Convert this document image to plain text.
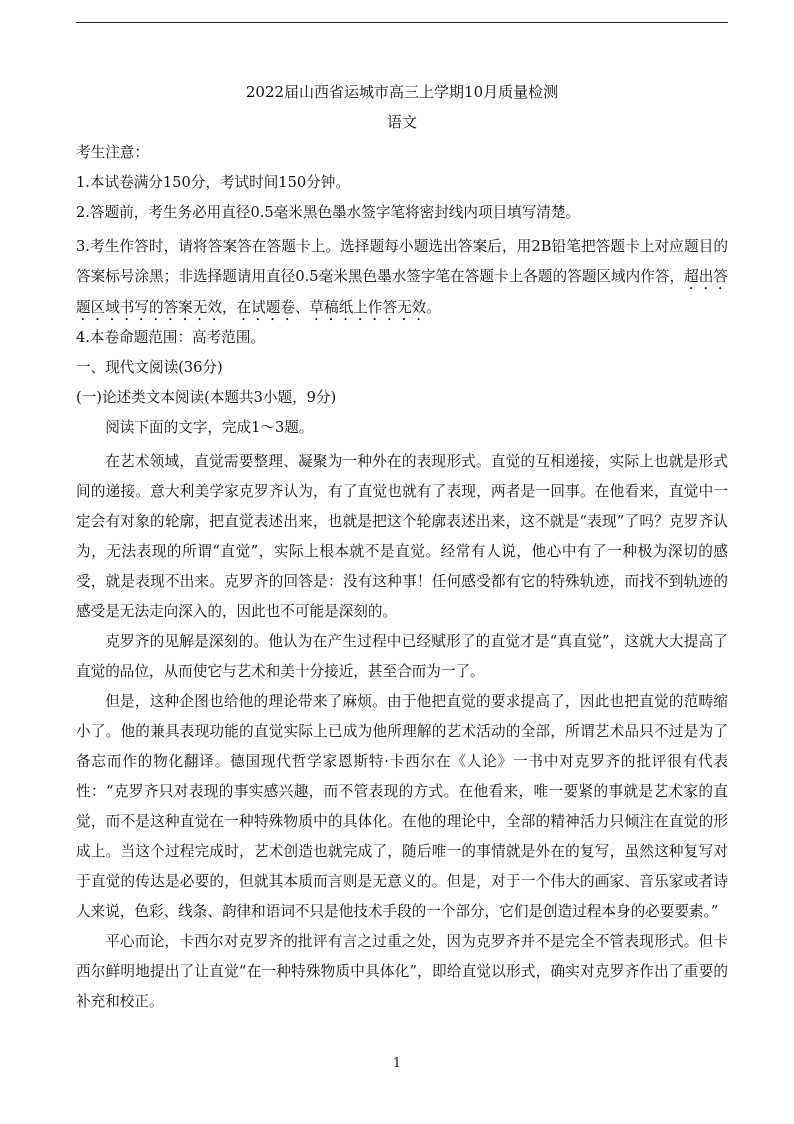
2022届山西省运城市高三上学期10月质量检测

语文

考生注意：

1.本试卷满分150分，考试时间150分钟。

2.答题前，考生务必用直径0.5毫米黑色墨水签字笔将密封线内项目填写清楚。

3.考生作答时，请将答案答在答题卡上。选择题每小题选出答案后，用2B铅笔把答题卡上对应题目的答案标号涂黑；非选择题请用直径0.5毫米黑色墨水签字笔在答题卡上各题的答题区域内作答，超出答题区域书写的答案无效，在试题卷、草稿纸上作答无效。

4.本卷命题范围：高考范围。

一、现代文阅读(36分)

(一)论述类文本阅读(本题共3小题，9分)

阅读下面的文字，完成1～3题。

在艺术领域，直觉需要整理、凝聚为一种外在的表现形式。直觉的互相递接，实际上也就是形式间的递接。意大利美学家克罗齐认为，有了直觉也就有了表现，两者是一回事。在他看来，直觉中一定会有对象的轮廓，把直觉表述出来，也就是把这个轮廓表述出来，这不就是“表现”了吗？克罗齐认为，无法表现的所谓“直觉”，实际上根本就不是直觉。经常有人说，他心中有了一种极为深切的感受，就是表现不出来。克罗齐的回答是：没有这种事！任何感受都有它的特殊轨迹，而找不到轨迹的感受是无法走向深入的，因此也不可能是深刻的。

克罗齐的见解是深刻的。他认为在产生过程中已经赋形了的直觉才是“真直觉”，这就大大提高了直觉的品位，从而使它与艺术和美十分接近，甚至合而为一了。

但是，这种企图也给他的理论带来了麻烦。由于他把直觉的要求提高了，因此也把直觉的范畴缩小了。他的兼具表现功能的直觉实际上已成为他所理解的艺术活动的全部，所谓艺术品只不过是为了备忘而作的物化翻译。德国现代哲学家恩斯特·卡西尔在《人论》一书中对克罗齐的批评很有代表性：“克罗齐只对表现的事实感兴趣，而不管表现的方式。在他看来，唯一要紧的事就是艺术家的直觉，而不是这种直觉在一种特殊物质中的具体化。在他的理论中，全部的精神活力只倾注在直觉的形成上。当这个过程完成时，艺术创造也就完成了，随后唯一的事情就是外在的复写，虽然这种复写对于直觉的传达是必要的，但就其本质而言则是无意义的。但是，对于一个伟大的画家、音乐家或者诗人来说，色彩、线条、韵律和语词不只是他技术手段的一个部分，它们是创造过程本身的必要要素。”

平心而论，卡西尔对克罗齐的批评有言之过重之处，因为克罗齐并不是完全不管表现形式。但卡西尔鲜明地提出了让直觉“在一种特殊物质中具体化”，即给直觉以形式，确实对克罗齐作出了重要的补充和校正。

1
